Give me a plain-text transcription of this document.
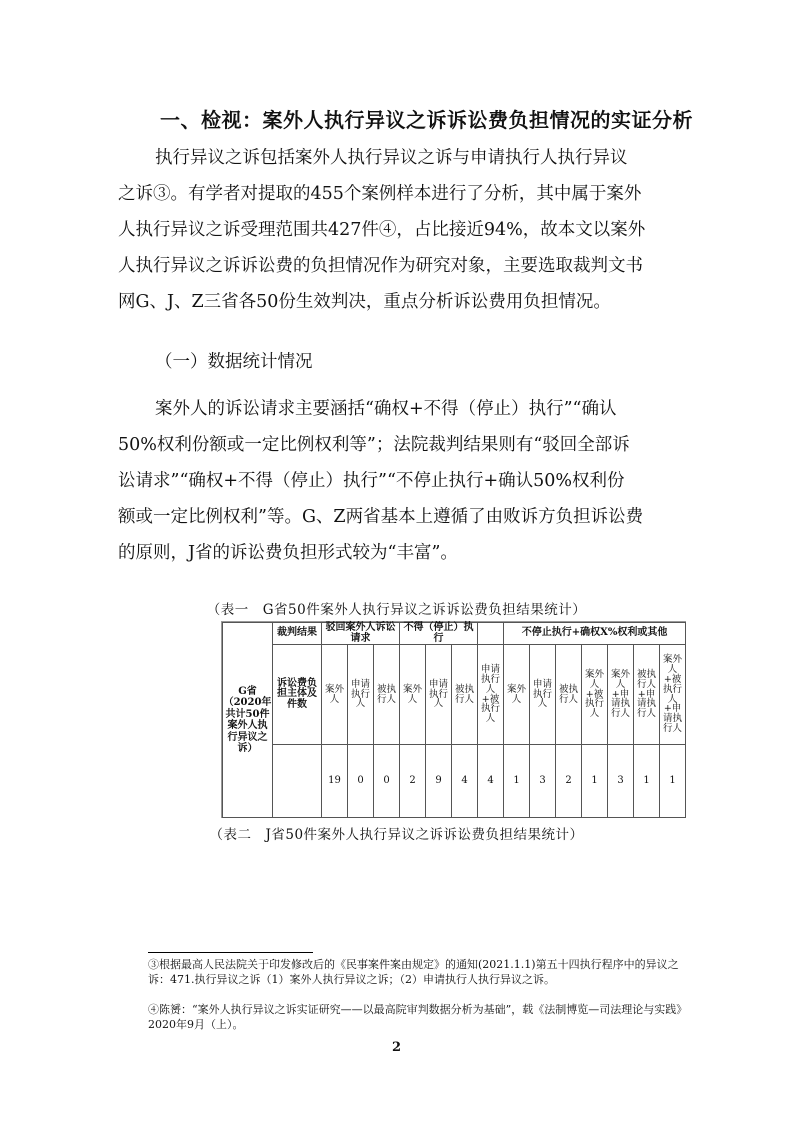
一、检视：案外人执行异议之诉诉讼费负担情况的实证分析
执行异议之诉包括案外人执行异议之诉与申请执行人执行异议
之诉③。有学者对提取的455个案例样本进行了分析，其中属于案外
人执行异议之诉受理范围共427件④，占比接近94%，故本文以案外
人执行异议之诉诉讼费的负担情况作为研究对象，主要选取裁判文书
网G、J、Z三省各50份生效判决，重点分析诉讼费用负担情况。
（一）数据统计情况
案外人的诉讼请求主要涵括“确权+不得（停止）执行”“确认
50%权利份额或一定比例权利等”；法院裁判结果则有“驳回全部诉
讼请求”“确权+不得（停止）执行”“不停止执行+确认50%权利份
额或一定比例权利”等。G、Z两省基本上遵循了由败诉方负担诉讼费
的原则，J省的诉讼费负担形式较为“丰富”。
（表一　G省50件案外人执行异议之诉诉讼费负担结果统计）
G省（2020年共计50件案外人执行异议之诉）	裁判结果	驳回案外人诉讼请求			不得（停止）执行				不停止执行+确权X%权利或其他						
	诉讼费负担主体及件数	案外人	申请执行人	被执行人	案外人	申请执行人	被执行人	申请执行人+被执行人	案外人	申请执行人	被执行人	案外人+被执行人	案外人+申请执行人	被执行人+申请执行人	案外人+被执行人+申请执行人
		19	0	0	2	9	4	4	1	3	2	1	3	1	1
（表二　J省50件案外人执行异议之诉诉讼费负担结果统计）

③根据最高人民法院关于印发修改后的《民事案件案由规定》的通知(2021.1.1)第五十四执行程序中的异议之诉：471.执行异议之诉（1）案外人执行异议之诉；（2）申请执行人执行异议之诉。

④陈赟：“案外人执行异议之诉实证研究——以最高院审判数据分析为基础”，载《法制博览—司法理论与实践》2020年9月（上）。

2
